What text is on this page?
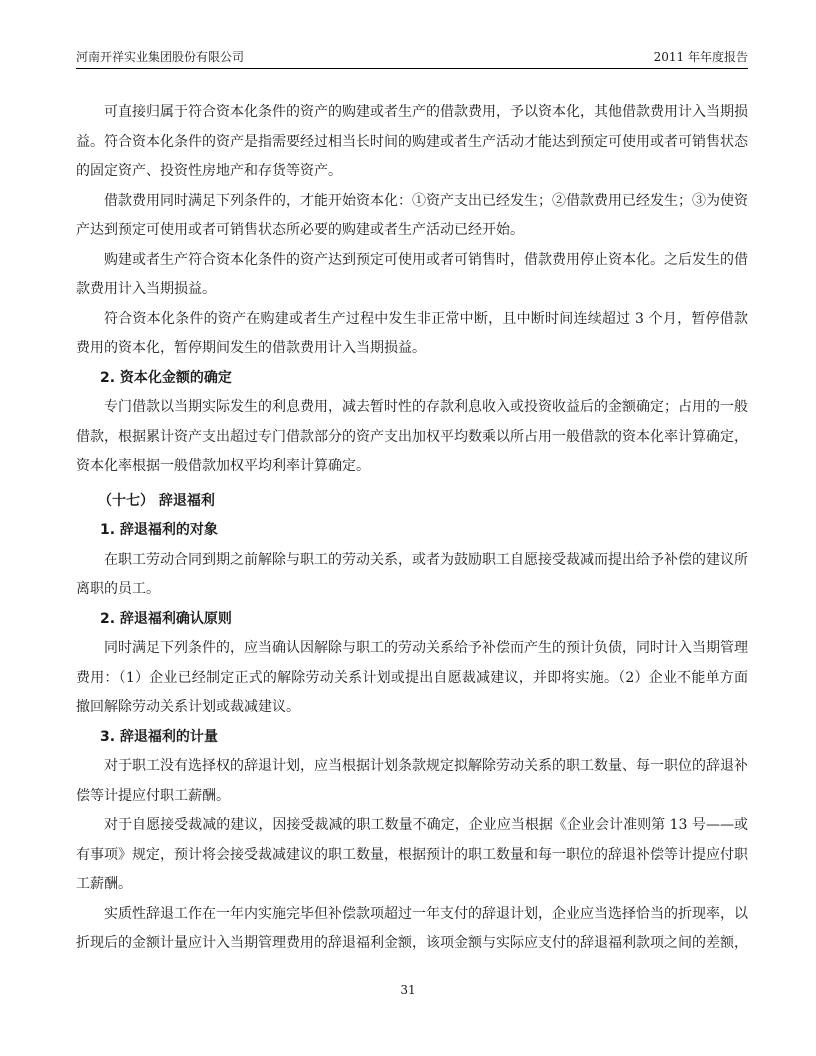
河南开祥实业集团股份有限公司	2011 年年度报告

可直接归属于符合资本化条件的资产的购建或者生产的借款费用，予以资本化，其他借款费用计入当期损益。符合资本化条件的资产是指需要经过相当长时间的购建或者生产活动才能达到预定可使用或者可销售状态的固定资产、投资性房地产和存货等资产。

借款费用同时满足下列条件的，才能开始资本化：①资产支出已经发生；②借款费用已经发生；③为使资产达到预定可使用或者可销售状态所必要的购建或者生产活动已经开始。

购建或者生产符合资本化条件的资产达到预定可使用或者可销售时，借款费用停止资本化。之后发生的借款费用计入当期损益。

符合资本化条件的资产在购建或者生产过程中发生非正常中断，且中断时间连续超过 3 个月，暂停借款费用的资本化，暂停期间发生的借款费用计入当期损益。

2. 资本化金额的确定

专门借款以当期实际发生的利息费用，减去暂时性的存款利息收入或投资收益后的金额确定；占用的一般借款，根据累计资产支出超过专门借款部分的资产支出加权平均数乘以所占用一般借款的资本化率计算确定，资本化率根据一般借款加权平均利率计算确定。

（十七） 辞退福利

1. 辞退福利的对象

在职工劳动合同到期之前解除与职工的劳动关系，或者为鼓励职工自愿接受裁减而提出给予补偿的建议所离职的员工。

2. 辞退福利确认原则

同时满足下列条件的，应当确认因解除与职工的劳动关系给予补偿而产生的预计负债，同时计入当期管理费用：（1）企业已经制定正式的解除劳动关系计划或提出自愿裁减建议，并即将实施。（2）企业不能单方面撤回解除劳动关系计划或裁减建议。

3. 辞退福利的计量

对于职工没有选择权的辞退计划，应当根据计划条款规定拟解除劳动关系的职工数量、每一职位的辞退补偿等计提应付职工薪酬。

对于自愿接受裁减的建议，因接受裁减的职工数量不确定，企业应当根据《企业会计准则第 13 号——或有事项》规定，预计将会接受裁减建议的职工数量，根据预计的职工数量和每一职位的辞退补偿等计提应付职工薪酬。

实质性辞退工作在一年内实施完毕但补偿款项超过一年支付的辞退计划，企业应当选择恰当的折现率，以折现后的金额计量应计入当期管理费用的辞退福利金额，该项金额与实际应支付的辞退福利款项之间的差额，

31
